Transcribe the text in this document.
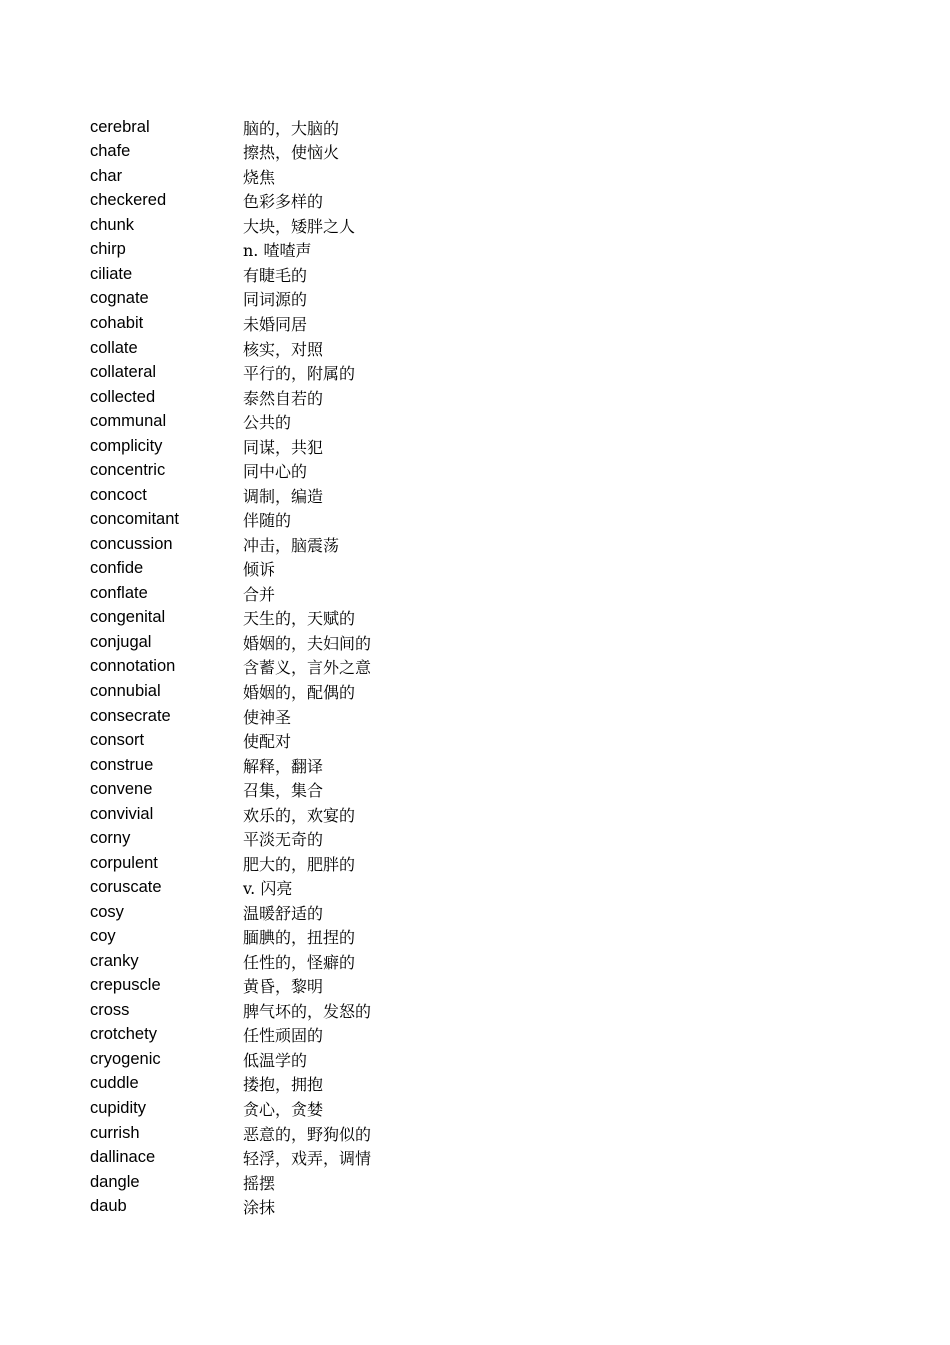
cerebral	脑的，大脑的
chafe	擦热，使恼火
char	烧焦
checkered	色彩多样的
chunk	大块，矮胖之人
chirp	n. 喳喳声
ciliate	有睫毛的
cognate	同词源的
cohabit	未婚同居
collate	核实，对照
collateral	平行的，附属的
collected	泰然自若的
communal	公共的
complicity	同谋，共犯
concentric	同中心的
concoct	调制，编造
concomitant	伴随的
concussion	冲击，脑震荡
confide	倾诉
conflate	合并
congenital	天生的，天赋的
conjugal	婚姻的，夫妇间的
connotation	含蓄义，言外之意
connubial	婚姻的，配偶的
consecrate	使神圣
consort	使配对
construe	解释，翻译
convene	召集，集合
convivial	欢乐的，欢宴的
corny	平淡无奇的
corpulent	肥大的，肥胖的
coruscate	v. 闪亮
cosy	温暖舒适的
coy	腼腆的，扭捏的
cranky	任性的，怪癖的
crepuscle	黄昏，黎明
cross	脾气坏的，发怒的
crotchety	任性顽固的
cryogenic	低温学的
cuddle	搂抱，拥抱
cupidity	贪心，贪婪
currish	恶意的，野狗似的
dallinace	轻浮，戏弄，调情
dangle	摇摆
daub	涂抹
